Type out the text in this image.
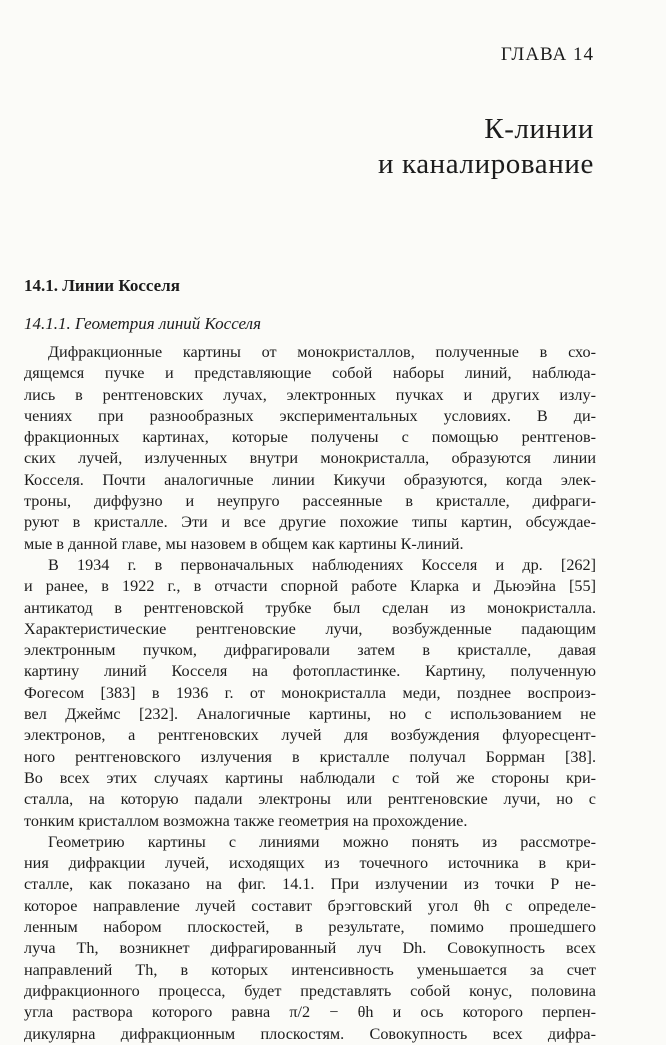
ГЛАВА 14
К-линии
и каналирование
14.1. Линии Косселя
14.1.1. Геометрия линий Косселя
Дифракционные картины от монокристаллов, полученные в схо-
дящемся пучке и представляющие собой наборы линий, наблюда-
лись в рентгеновских лучах, электронных пучках и других излу-
чениях при разнообразных экспериментальных условиях. В ди-
фракционных картинах, которые получены с помощью рентгенов-
ских лучей, излученных внутри монокристалла, образуются линии
Косселя. Почти аналогичные линии Кикучи образуются, когда элек-
троны, диффузно и неупруго рассеянные в кристалле, дифраги-
руют в кристалле. Эти и все другие похожие типы картин, обсуждае-
мые в данной главе, мы назовем в общем как картины К-линий.
В 1934 г. в первоначальных наблюдениях Косселя и др. [262]
и ранее, в 1922 г., в отчасти спорной работе Кларка и Дьюэйна [55]
антикатод в рентгеновской трубке был сделан из монокристалла.
Характеристические рентгеновские лучи, возбужденные падающим
электронным пучком, дифрагировали затем в кристалле, давая
картину линий Косселя на фотопластинке. Картину, полученную
Фогесом [383] в 1936 г. от монокристалла меди, позднее воспроиз-
вел Джеймс [232]. Аналогичные картины, но с использованием не
электронов, а рентгеновских лучей для возбуждения флуоресцент-
ного рентгеновского излучения в кристалле получал Боррман [38].
Во всех этих случаях картины наблюдали с той же стороны кри-
сталла, на которую падали электроны или рентгеновские лучи, но с
тонким кристаллом возможна также геометрия на прохождение.
Геометрию картины с линиями можно понять из рассмотре-
ния дифракции лучей, исходящих из точечного источника в кри-
сталле, как показано на фиг. 14.1. При излучении из точки P не-
которое направление лучей составит брэгговский угол θh с определе-
ленным набором плоскостей, в результате, помимо прошедшего
луча Th, возникнет дифрагированный луч Dh. Совокупность всех
направлений Th, в которых интенсивность уменьшается за счет
дифракционного процесса, будет представлять собой конус, половина
угла раствора которого равна π/2 − θh и ось которого перпен-
дикулярна дифракционным плоскостям. Совокупность всех дифра-
